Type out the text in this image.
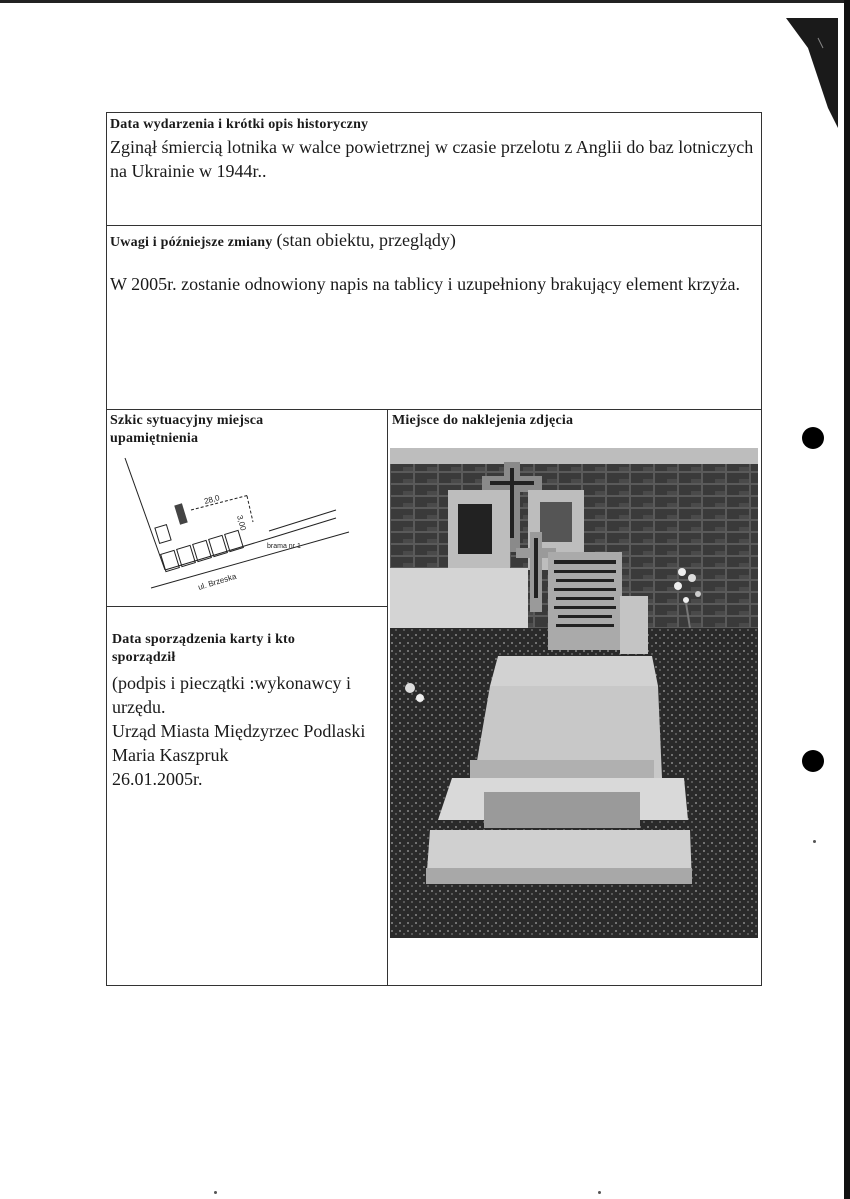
Data wydarzenia i krótki opis historyczny
Zginął śmiercią lotnika w walce powietrznej w czasie przelotu z Anglii do baz lotniczych na Ukrainie w 1944r..
Uwagi i późniejsze zmiany (stan obiektu, przeglądy)
W 2005r. zostanie odnowiony napis na tablicy i uzupełniony brakujący element krzyża.
Szkic sytuacyjny miejsca upamiętnienia
28,0
3,00
brama nr 1
ul. Brzeska
Data sporządzenia karty i kto sporządził
(podpis i pieczątki :wykonawcy i urzędu.
Urząd Miasta Międzyrzec Podlaski
Maria Kaszpruk
26.01.2005r.
Miejsce do naklejenia zdjęcia
